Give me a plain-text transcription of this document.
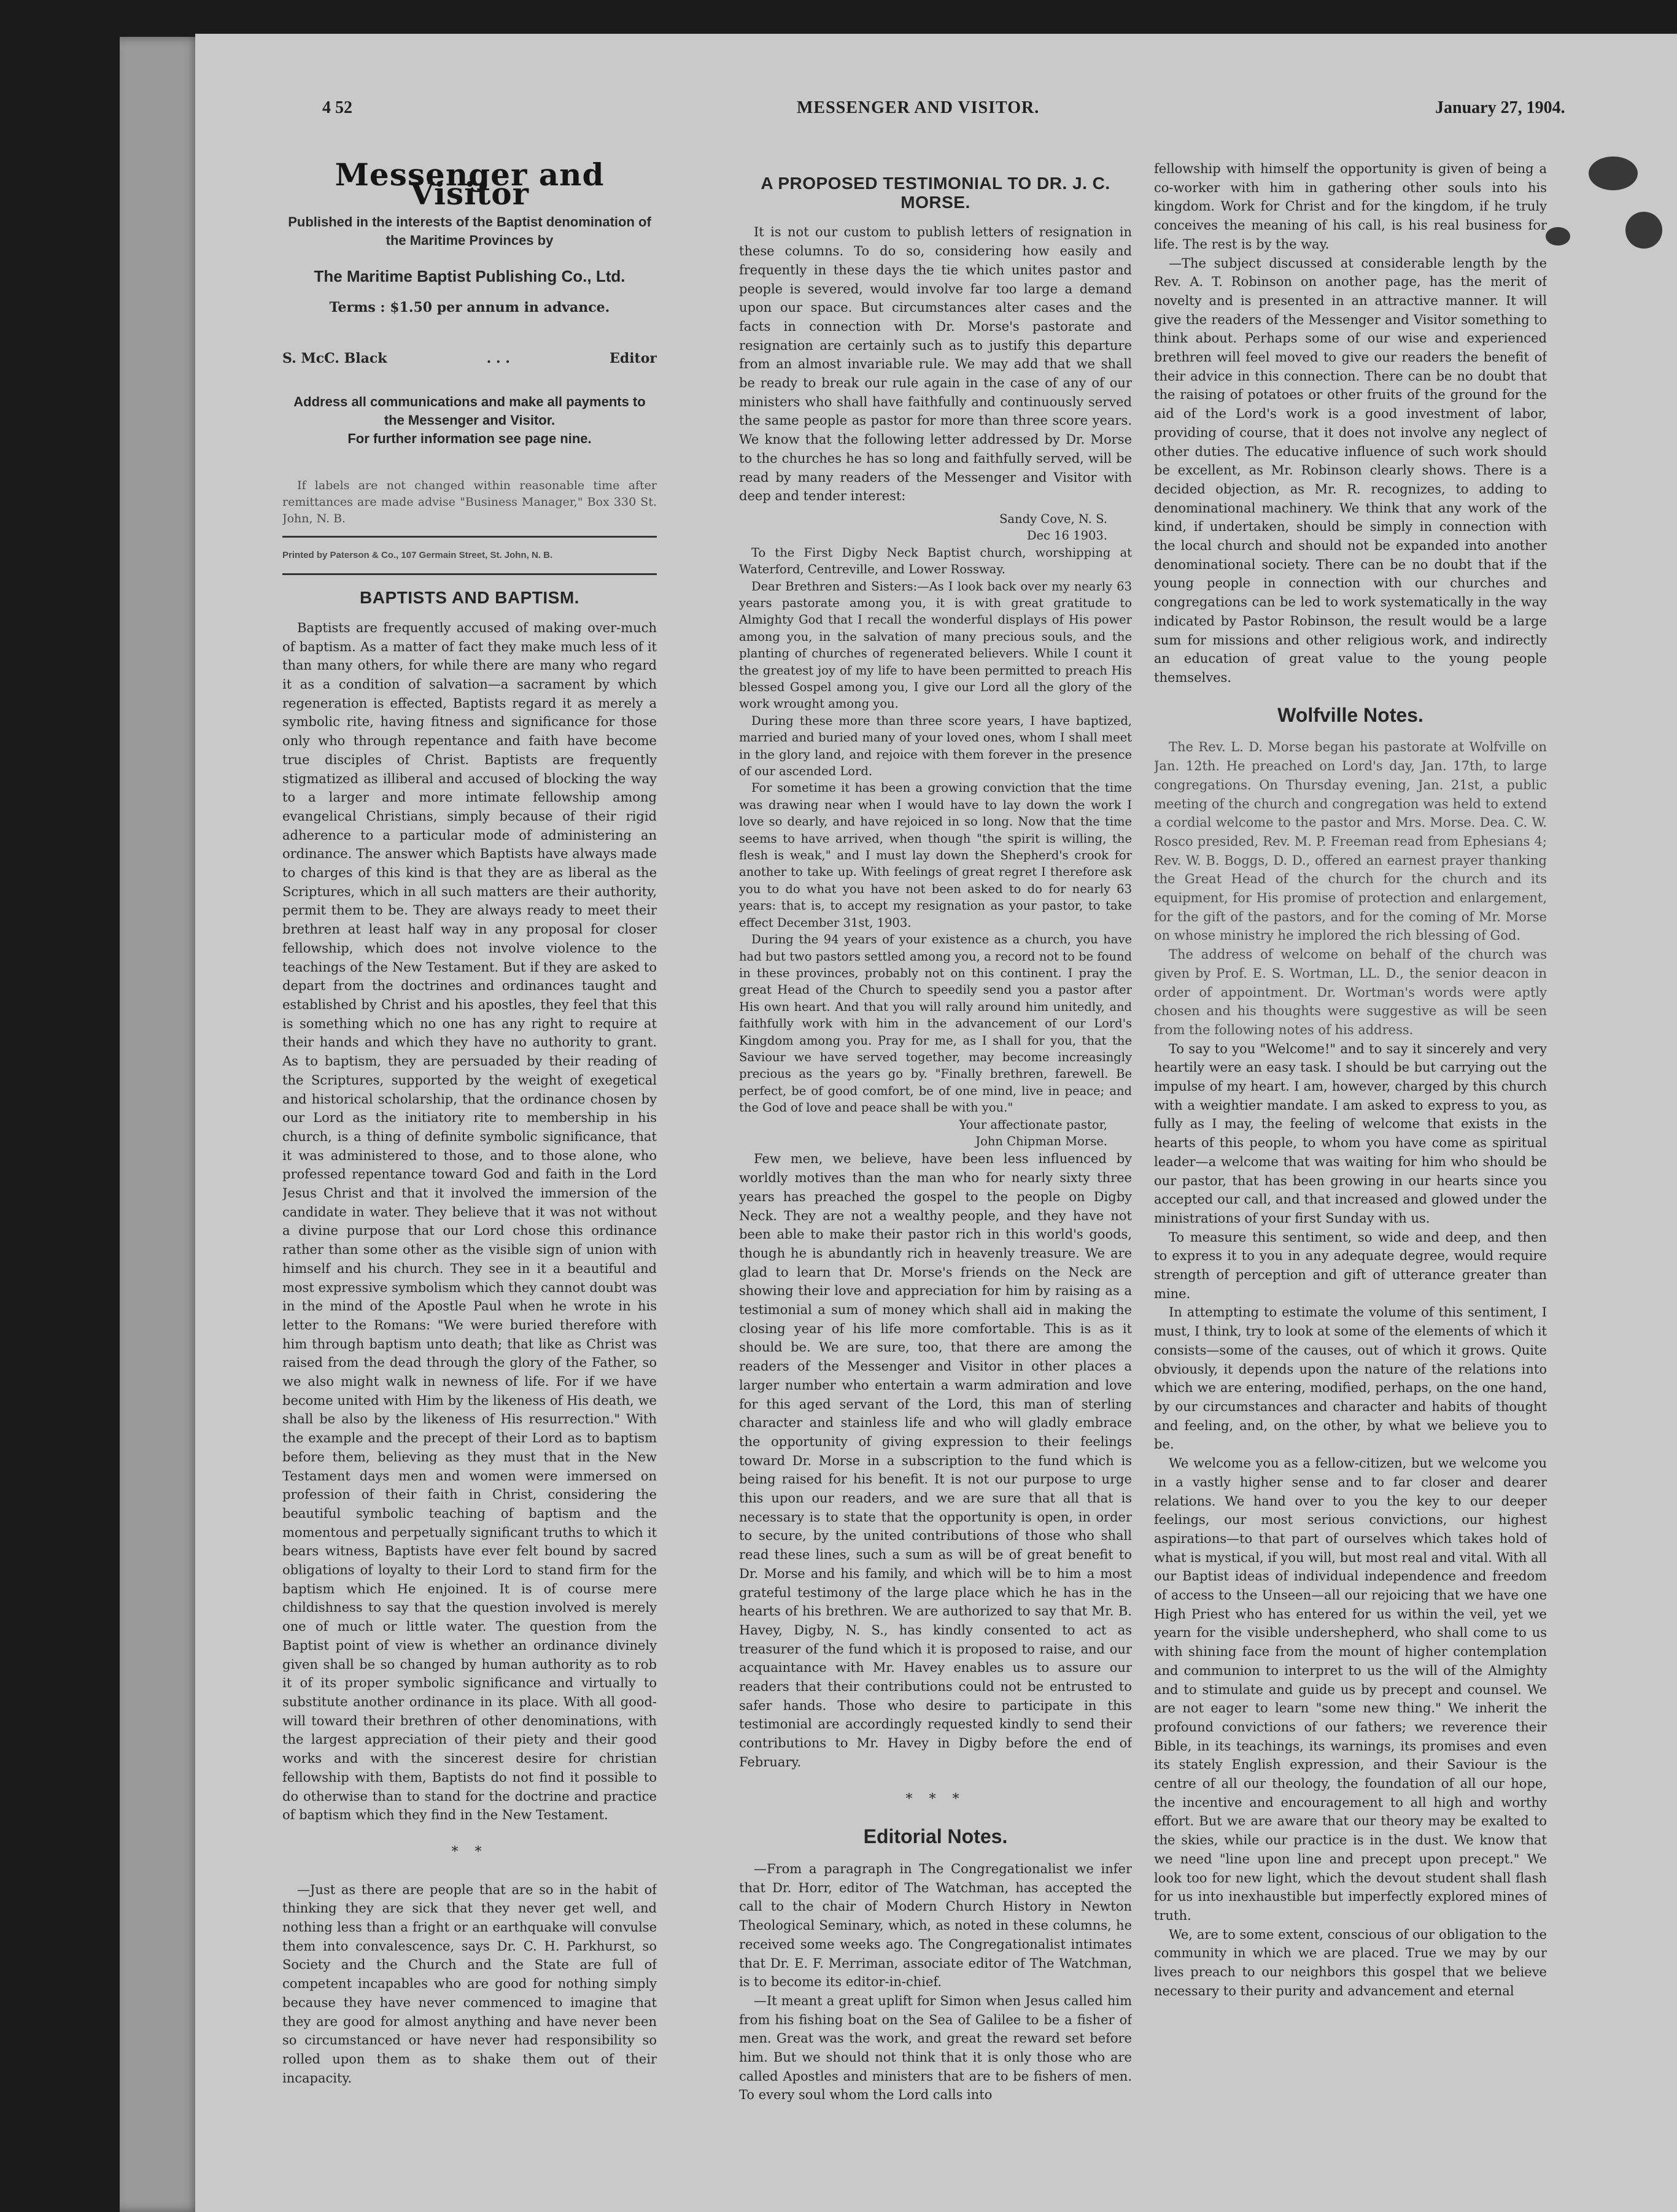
4 52	MESSENGER AND VISITOR.	January 27, 1904.
Messenger and Visitor
Published in the interests of the Baptist denomination of the Maritime Provinces by
The Maritime Baptist Publishing Co., Ltd.
Terms : $1.50 per annum in advance.
S. McC. Black	. . .	Editor
Address all communications and make all payments to the Messenger and Visitor.
For further information see page nine.

If labels are not changed within reasonable time after remittances are made advise "Business Manager," Box 330 St. John, N. B.

Printed by Paterson & Co., 107 Germain Street, St. John, N. B.
BAPTISTS AND BAPTISM.

Baptists are frequently accused of making over-much of baptism. As a matter of fact they make much less of it than many others, for while there are many who regard it as a condition of salvation—a sacrament by which regeneration is effected, Baptists regard it as merely a symbolic rite, having fitness and significance for those only who through repentance and faith have become true disciples of Christ. Baptists are frequently stigmatized as illiberal and accused of blocking the way to a larger and more intimate fellowship among evangelical Christians, simply because of their rigid adherence to a particular mode of administering an ordinance. The answer which Baptists have always made to charges of this kind is that they are as liberal as the Scriptures, which in all such matters are their authority, permit them to be. They are always ready to meet their brethren at least half way in any proposal for closer fellowship, which does not involve violence to the teachings of the New Testament. But if they are asked to depart from the doctrines and ordinances taught and established by Christ and his apostles, they feel that this is something which no one has any right to require at their hands and which they have no authority to grant. As to baptism, they are persuaded by their reading of the Scriptures, supported by the weight of exegetical and historical scholarship, that the ordinance chosen by our Lord as the initiatory rite to membership in his church, is a thing of definite symbolic significance, that it was administered to those, and to those alone, who professed repentance toward God and faith in the Lord Jesus Christ and that it involved the immersion of the candidate in water. They believe that it was not without a divine purpose that our Lord chose this ordinance rather than some other as the visible sign of union with himself and his church. They see in it a beautiful and most expressive symbolism which they cannot doubt was in the mind of the Apostle Paul when he wrote in his letter to the Romans: "We were buried therefore with him through baptism unto death; that like as Christ was raised from the dead through the glory of the Father, so we also might walk in newness of life. For if we have become united with Him by the likeness of His death, we shall be also by the likeness of His resurrection." With the example and the precept of their Lord as to baptism before them, believing as they must that in the New Testament days men and women were immersed on profession of their faith in Christ, considering the beautiful symbolic teaching of baptism and the momentous and perpetually significant truths to which it bears witness, Baptists have ever felt bound by sacred obligations of loyalty to their Lord to stand firm for the baptism which He enjoined. It is of course mere childishness to say that the question involved is merely one of much or little water. The question from the Baptist point of view is whether an ordinance divinely given shall be so changed by human authority as to rob it of its proper symbolic significance and virtually to substitute another ordinance in its place. With all good-will toward their brethren of other denominations, with the largest appreciation of their piety and their good works and with the sincerest desire for christian fellowship with them, Baptists do not find it possible to do otherwise than to stand for the doctrine and practice of baptism which they find in the New Testament.

* *

—Just as there are people that are so in the habit of thinking they are sick that they never get well, and nothing less than a fright or an earthquake will convulse them into convalescence, says Dr. C. H. Parkhurst, so Society and the Church and the State are full of competent incapables who are good for nothing simply because they have never commenced to imagine that they are good for almost anything and have never been so circumstanced or have never had responsibility so rolled upon them as to shake them out of their incapacity.

A PROPOSED TESTIMONIAL TO DR. J. C. MORSE.

It is not our custom to publish letters of resignation in these columns. To do so, considering how easily and frequently in these days the tie which unites pastor and people is severed, would involve far too large a demand upon our space. But circumstances alter cases and the facts in connection with Dr. Morse's pastorate and resignation are certainly such as to justify this departure from an almost invariable rule. We may add that we shall be ready to break our rule again in the case of any of our ministers who shall have faithfully and continuously served the same people as pastor for more than three score years. We know that the following letter addressed by Dr. Morse to the churches he has so long and faithfully served, will be read by many readers of the Messenger and Visitor with deep and tender interest:

Sandy Cove, N. S.

Dec 16 1903.

To the First Digby Neck Baptist church, worshipping at Waterford, Centreville, and Lower Rossway.

Dear Brethren and Sisters:—As I look back over my nearly 63 years pastorate among you, it is with great gratitude to Almighty God that I recall the wonderful displays of His power among you, in the salvation of many precious souls, and the planting of churches of regenerated believers. While I count it the greatest joy of my life to have been permitted to preach His blessed Gospel among you, I give our Lord all the glory of the work wrought among you.

During these more than three score years, I have baptized, married and buried many of your loved ones, whom I shall meet in the glory land, and rejoice with them forever in the presence of our ascended Lord.

For sometime it has been a growing conviction that the time was drawing near when I would have to lay down the work I love so dearly, and have rejoiced in so long. Now that the time seems to have arrived, when though "the spirit is willing, the flesh is weak," and I must lay down the Shepherd's crook for another to take up. With feelings of great regret I therefore ask you to do what you have not been asked to do for nearly 63 years: that is, to accept my resignation as your pastor, to take effect December 31st, 1903.

During the 94 years of your existence as a church, you have had but two pastors settled among you, a record not to be found in these provinces, probably not on this continent. I pray the great Head of the Church to speedily send you a pastor after His own heart. And that you will rally around him unitedly, and faithfully work with him in the advancement of our Lord's Kingdom among you. Pray for me, as I shall for you, that the Saviour we have served together, may become increasingly precious as the years go by. "Finally brethren, farewell. Be perfect, be of good comfort, be of one mind, live in peace; and the God of love and peace shall be with you."

Your affectionate pastor,

John Chipman Morse.

Few men, we believe, have been less influenced by worldly motives than the man who for nearly sixty three years has preached the gospel to the people on Digby Neck. They are not a wealthy people, and they have not been able to make their pastor rich in this world's goods, though he is abundantly rich in heavenly treasure. We are glad to learn that Dr. Morse's friends on the Neck are showing their love and appreciation for him by raising as a testimonial a sum of money which shall aid in making the closing year of his life more comfortable. This is as it should be. We are sure, too, that there are among the readers of the Messenger and Visitor in other places a larger number who entertain a warm admiration and love for this aged servant of the Lord, this man of sterling character and stainless life and who will gladly embrace the opportunity of giving expression to their feelings toward Dr. Morse in a subscription to the fund which is being raised for his benefit. It is not our purpose to urge this upon our readers, and we are sure that all that is necessary is to state that the opportunity is open, in order to secure, by the united contributions of those who shall read these lines, such a sum as will be of great benefit to Dr. Morse and his family, and which will be to him a most grateful testimony of the large place which he has in the hearts of his brethren. We are authorized to say that Mr. B. Havey, Digby, N. S., has kindly consented to act as treasurer of the fund which it is proposed to raise, and our acquaintance with Mr. Havey enables us to assure our readers that their contributions could not be entrusted to safer hands. Those who desire to participate in this testimonial are accordingly requested kindly to send their contributions to Mr. Havey in Digby before the end of February.

* * *
Editorial Notes.

—From a paragraph in The Congregationalist we infer that Dr. Horr, editor of The Watchman, has accepted the call to the chair of Modern Church History in Newton Theological Seminary, which, as noted in these columns, he received some weeks ago. The Congregationalist intimates that Dr. E. F. Merriman, associate editor of The Watchman, is to become its editor-in-chief.

—It meant a great uplift for Simon when Jesus called him from his fishing boat on the Sea of Galilee to be a fisher of men. Great was the work, and great the reward set before him. But we should not think that it is only those who are called Apostles and ministers that are to be fishers of men. To every soul whom the Lord calls into

fellowship with himself the opportunity is given of being a co-worker with him in gathering other souls into his kingdom. Work for Christ and for the kingdom, if he truly conceives the meaning of his call, is his real business for life. The rest is by the way.

—The subject discussed at considerable length by the Rev. A. T. Robinson on another page, has the merit of novelty and is presented in an attractive manner. It will give the readers of the Messenger and Visitor something to think about. Perhaps some of our wise and experienced brethren will feel moved to give our readers the benefit of their advice in this connection. There can be no doubt that the raising of potatoes or other fruits of the ground for the aid of the Lord's work is a good investment of labor, providing of course, that it does not involve any neglect of other duties. The educative influence of such work should be excellent, as Mr. Robinson clearly shows. There is a decided objection, as Mr. R. recognizes, to adding to denominational machinery. We think that any work of the kind, if undertaken, should be simply in connection with the local church and should not be expanded into another denominational society. There can be no doubt that if the young people in connection with our churches and congregations can be led to work systematically in the way indicated by Pastor Robinson, the result would be a large sum for missions and other religious work, and indirectly an education of great value to the young people themselves.

Wolfville Notes.

The Rev. L. D. Morse began his pastorate at Wolfville on Jan. 12th. He preached on Lord's day, Jan. 17th, to large congregations. On Thursday evening, Jan. 21st, a public meeting of the church and congregation was held to extend a cordial welcome to the pastor and Mrs. Morse. Dea. C. W. Rosco presided, Rev. M. P. Freeman read from Ephesians 4; Rev. W. B. Boggs, D. D., offered an earnest prayer thanking the Great Head of the church for the church and its equipment, for His promise of protection and enlargement, for the gift of the pastors, and for the coming of Mr. Morse on whose ministry he implored the rich blessing of God.

The address of welcome on behalf of the church was given by Prof. E. S. Wortman, LL. D., the senior deacon in order of appointment. Dr. Wortman's words were aptly chosen and his thoughts were suggestive as will be seen from the following notes of his address.

To say to you "Welcome!" and to say it sincerely and very heartily were an easy task. I should be but carrying out the impulse of my heart. I am, however, charged by this church with a weightier mandate. I am asked to express to you, as fully as I may, the feeling of welcome that exists in the hearts of this people, to whom you have come as spiritual leader—a welcome that was waiting for him who should be our pastor, that has been growing in our hearts since you accepted our call, and that increased and glowed under the ministrations of your first Sunday with us.

To measure this sentiment, so wide and deep, and then to express it to you in any adequate degree, would require strength of perception and gift of utterance greater than mine.

In attempting to estimate the volume of this sentiment, I must, I think, try to look at some of the elements of which it consists—some of the causes, out of which it grows. Quite obviously, it depends upon the nature of the relations into which we are entering, modified, perhaps, on the one hand, by our circumstances and character and habits of thought and feeling, and, on the other, by what we believe you to be.

We welcome you as a fellow-citizen, but we welcome you in a vastly higher sense and to far closer and dearer relations. We hand over to you the key to our deeper feelings, our most serious convictions, our highest aspirations—to that part of ourselves which takes hold of what is mystical, if you will, but most real and vital. With all our Baptist ideas of individual independence and freedom of access to the Unseen—all our rejoicing that we have one High Priest who has entered for us within the veil, yet we yearn for the visible undershepherd, who shall come to us with shining face from the mount of higher contemplation and communion to interpret to us the will of the Almighty and to stimulate and guide us by precept and counsel. We are not eager to learn "some new thing." We inherit the profound convictions of our fathers; we reverence their Bible, in its teachings, its warnings, its promises and even its stately English expression, and their Saviour is the centre of all our theology, the foundation of all our hope, the incentive and encouragement to all high and worthy effort. But we are aware that our theory may be exalted to the skies, while our practice is in the dust. We know that we need "line upon line and precept upon precept." We look too for new light, which the devout student shall flash for us into inexhaustible but imperfectly explored mines of truth.

We, are to some extent, conscious of our obligation to the community in which we are placed. True we may by our lives preach to our neighbors this gospel that we believe necessary to their purity and advancement and eternal
